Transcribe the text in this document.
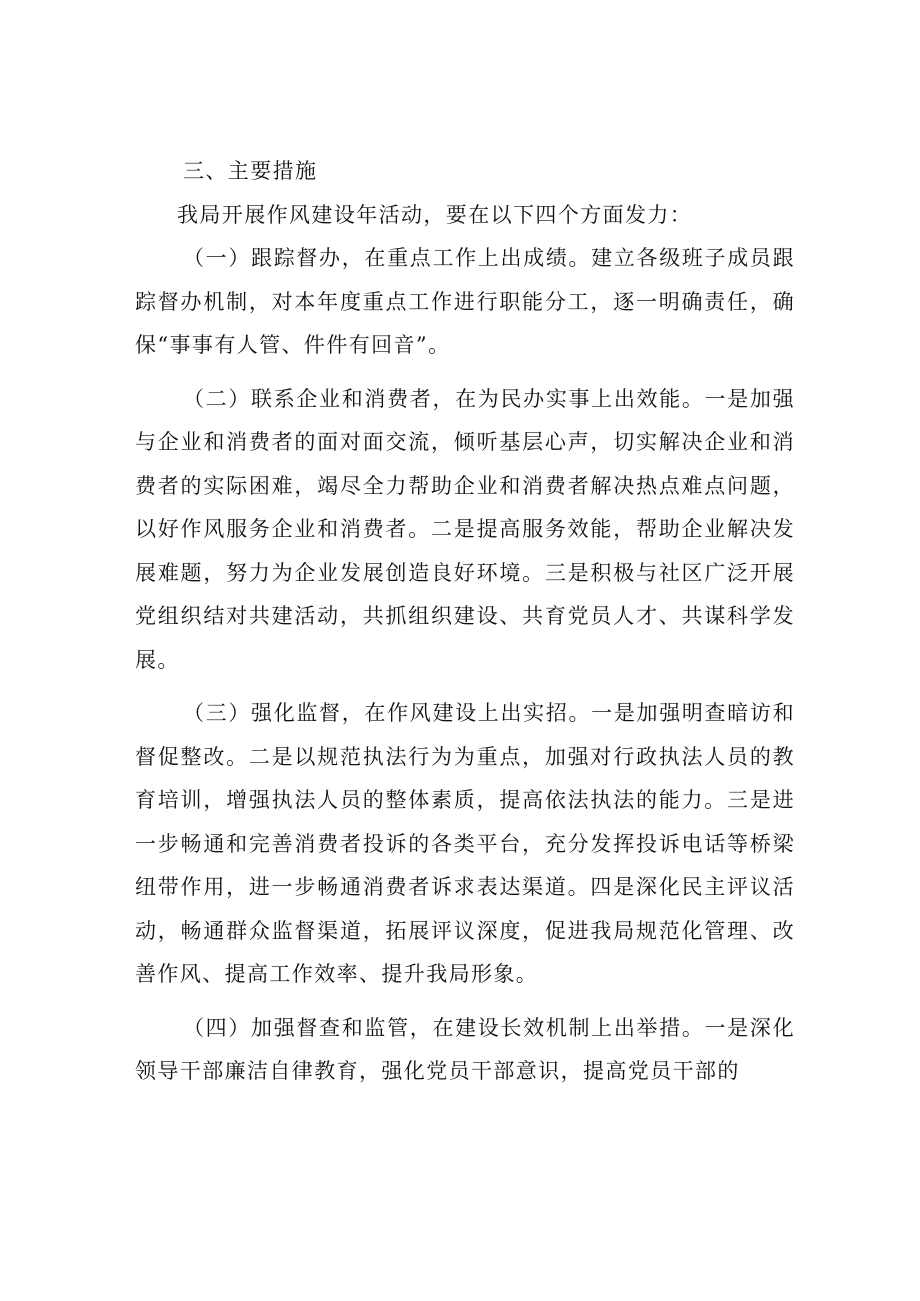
三、主要措施

我局开展作风建设年活动，要在以下四个方面发力：

（一）跟踪督办，在重点工作上出成绩。建立各级班子成员跟踪督办机制，对本年度重点工作进行职能分工，逐一明确责任，确保“事事有人管、件件有回音”。

（二）联系企业和消费者，在为民办实事上出效能。一是加强与企业和消费者的面对面交流，倾听基层心声，切实解决企业和消费者的实际困难，竭尽全力帮助企业和消费者解决热点难点问题，以好作风服务企业和消费者。二是提高服务效能，帮助企业解决发展难题，努力为企业发展创造良好环境。三是积极与社区广泛开展党组织结对共建活动，共抓组织建设、共育党员人才、共谋科学发展。

（三）强化监督，在作风建设上出实招。一是加强明查暗访和督促整改。二是以规范执法行为为重点，加强对行政执法人员的教育培训，增强执法人员的整体素质，提高依法执法的能力。三是进一步畅通和完善消费者投诉的各类平台，充分发挥投诉电话等桥梁纽带作用，进一步畅通消费者诉求表达渠道。四是深化民主评议活动，畅通群众监督渠道，拓展评议深度，促进我局规范化管理、改善作风、提高工作效率、提升我局形象。

（四）加强督查和监管，在建设长效机制上出举措。一是深化领导干部廉洁自律教育，强化党员干部意识，提高党员干部的
